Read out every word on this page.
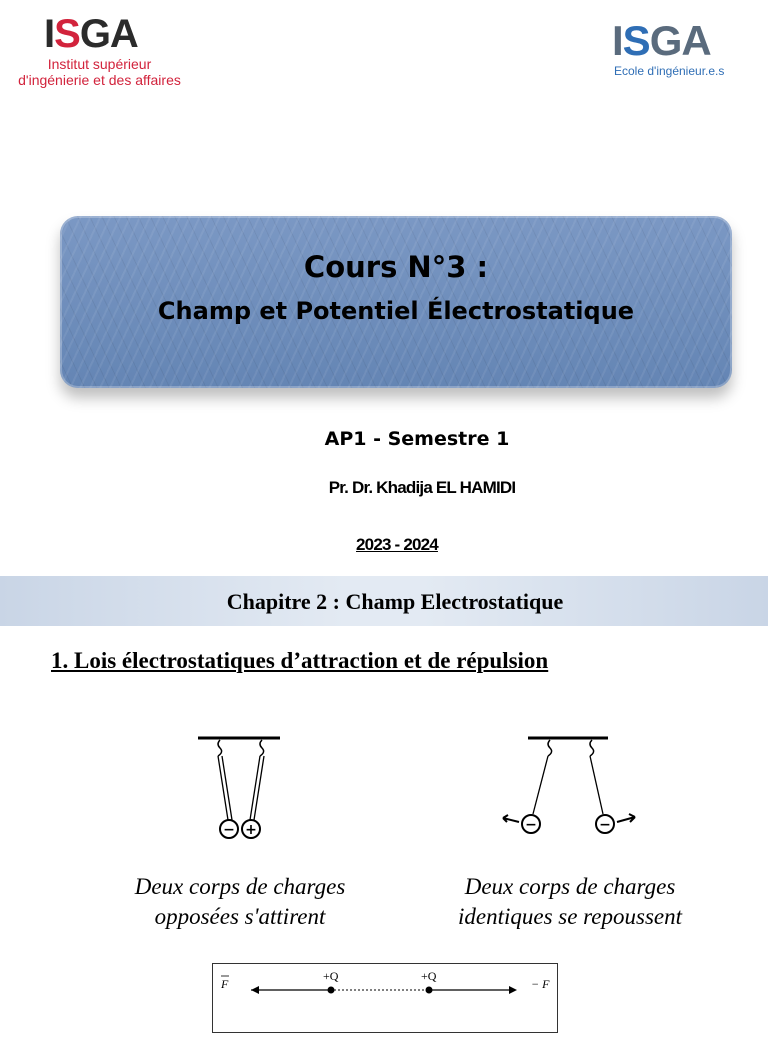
ISGA
Institut supérieur
d'ingénierie et des affaires
ISGA
Ecole d'ingénieur.e.s
Cours N°3 :
Champ et Potentiel Électrostatique
AP1 - Semestre 1
Pr. Dr. Khadija EL HAMIDI
2023 - 2024
Chapitre 2 : Champ Electrostatique
1. Lois électrostatiques d’attraction et de répulsion
− +	−	−
Deux corps de charges
opposées s'attirent
Deux corps de charges
identiques se repoussent
F
+Q	+Q
− F
